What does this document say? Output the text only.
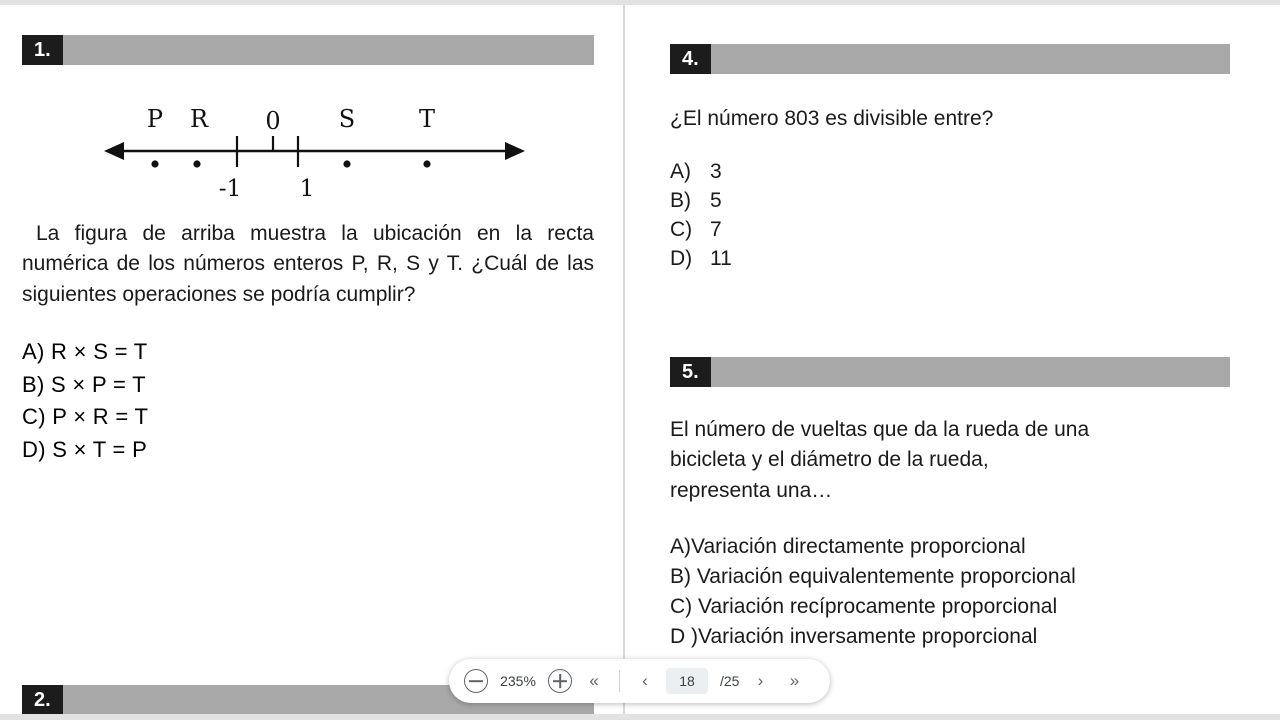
1.
P R 0 S	T
-1	1

La figura de arriba muestra la ubicación en la recta numérica de los números enteros P, R, S y T. ¿Cuál de las siguientes operaciones se podría cumplir?

A)
R × S = T
B)
S × P = T
C)
P × R = T
D)
S × T = P
2.
4.
¿El número 803 es divisible entre?
A) 3
B) 5
C) 7
D) 11
5.
El número de vueltas que da la rueda de una
bicicleta y el diámetro de la rueda,
representa una…
A) Variación directamente proporcional
B) Variación equivalentemente proporcional
C) Variación recíprocamente proporcional
D ) Variación inversamente proporcional
235%	«	‹	18	/25	›	»
